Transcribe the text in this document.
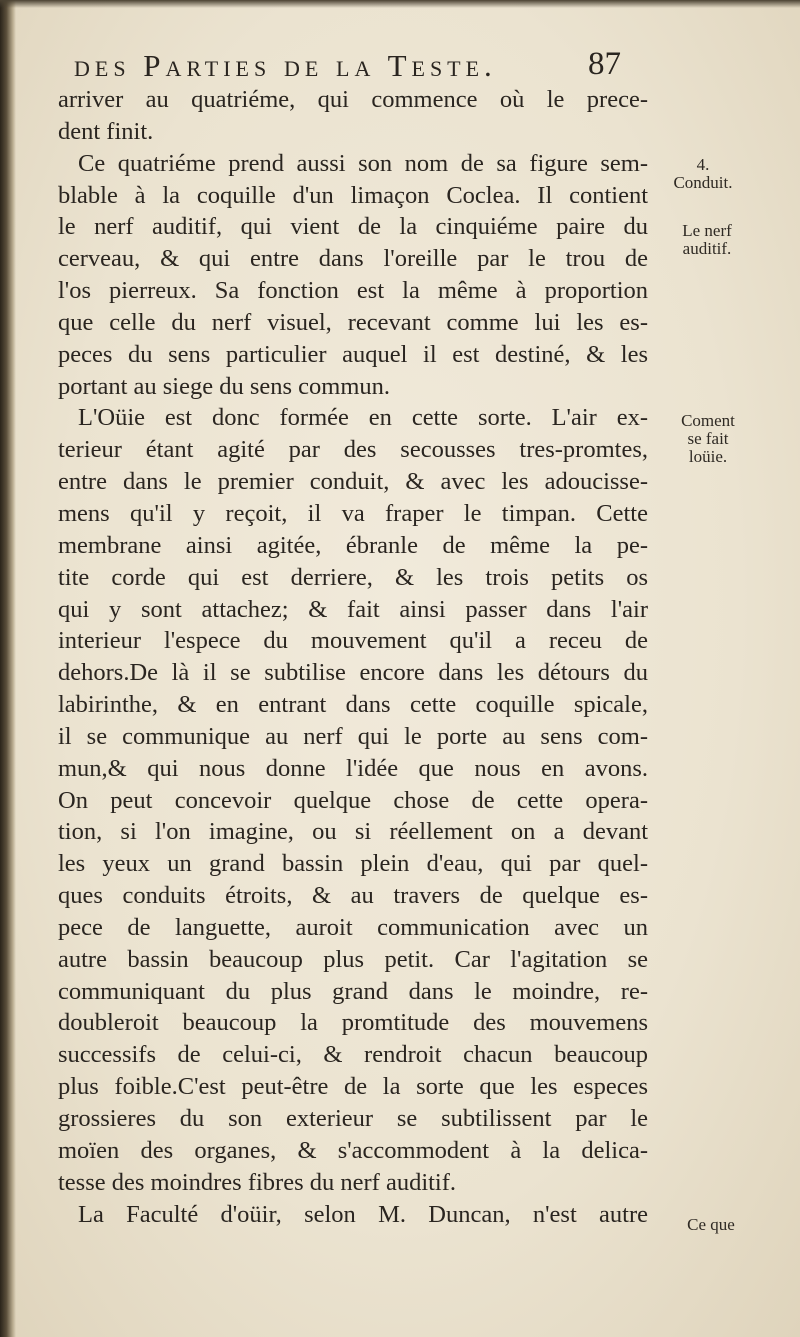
des Parties de la Teste.	87
arriver au quatriéme, qui commence où le prece-
dent finit.
Ce quatriéme prend aussi son nom de sa figure sem-
blable à la coquille d'un limaçon Coclea. Il contient
le nerf auditif, qui vient de la cinquiéme paire du
cerveau, & qui entre dans l'oreille par le trou de
l'os pierreux. Sa fonction est la même à proportion
que celle du nerf visuel, recevant comme lui les es-
peces du sens particulier auquel il est destiné, & les
portant au siege du sens commun.
L'Oüie est donc formée en cette sorte. L'air ex-
terieur étant agité par des secousses tres-promtes,
entre dans le premier conduit, & avec les adoucisse-
mens qu'il y reçoit, il va fraper le timpan. Cette
membrane ainsi agitée, ébranle de même la pe-
tite corde qui est derriere, & les trois petits os
qui y sont attachez; & fait ainsi passer dans l'air
interieur l'espece du mouvement qu'il a receu de
dehors.De là il se subtilise encore dans les détours du
labirinthe, & en entrant dans cette coquille spicale,
il se communique au nerf qui le porte au sens com-
mun,& qui nous donne l'idée que nous en avons.
On peut concevoir quelque chose de cette opera-
tion, si l'on imagine, ou si réellement on a devant
les yeux un grand bassin plein d'eau, qui par quel-
ques conduits étroits, & au travers de quelque es-
pece de languette, auroit communication avec un
autre bassin beaucoup plus petit. Car l'agitation se
communiquant du plus grand dans le moindre, re-
doubleroit beaucoup la promtitude des mouvemens
successifs de celui-ci, & rendroit chacun beaucoup
plus foible.C'est peut-être de la sorte que les especes
grossieres du son exterieur se subtilissent par le
moïen des organes, & s'accommodent à la delica-
tesse des moindres fibres du nerf auditif.
La Faculté d'oüir, selon M. Duncan, n'est autre
4.
Conduit.
Le nerf
auditif.
Coment
se fait
loüie.
Ce que
